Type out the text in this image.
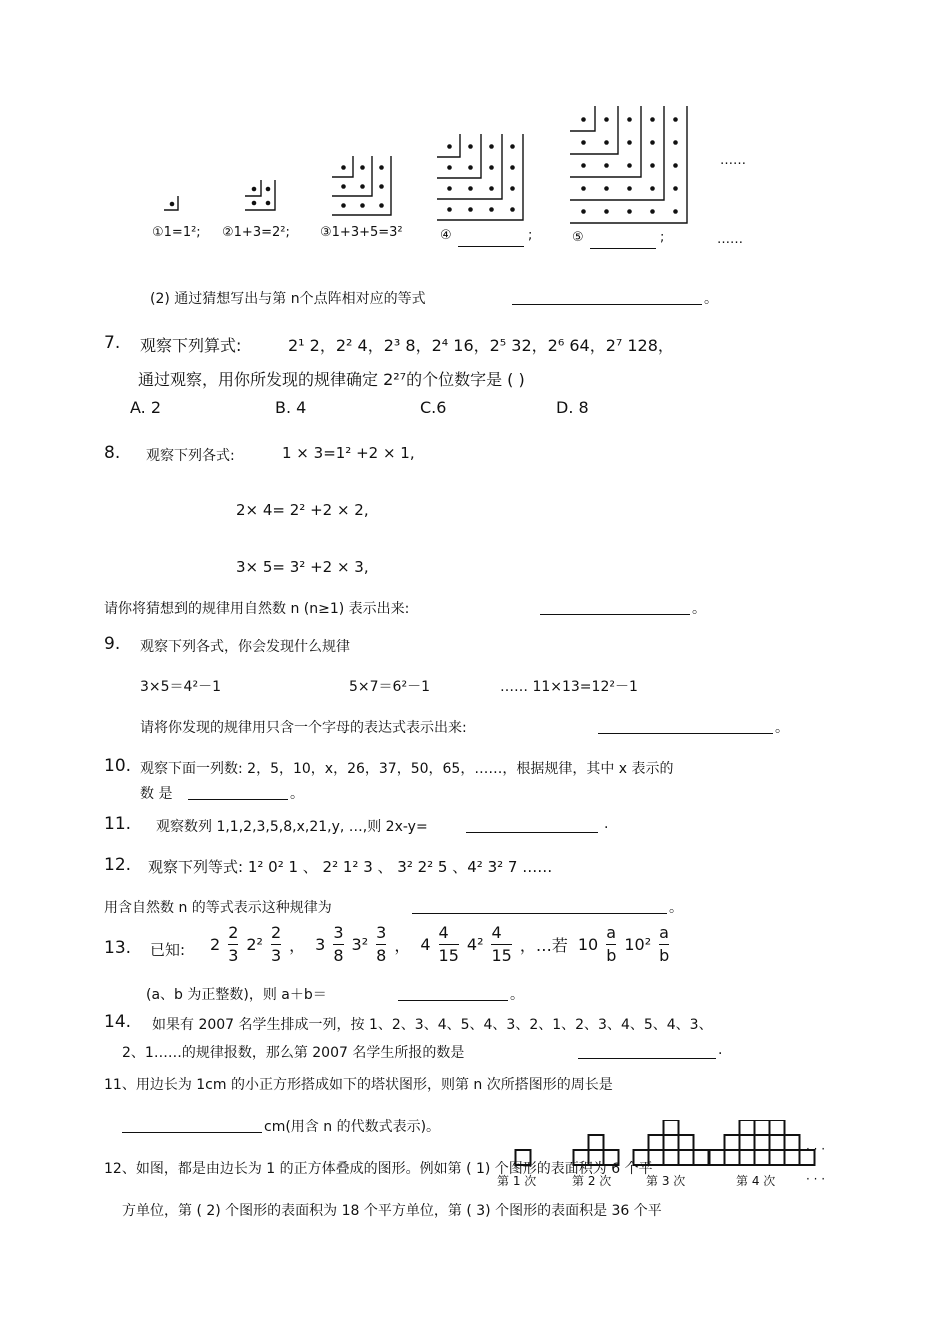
①1=1²; ②1+3=2²; ③1+3+5=3²	④	;	⑤	;	……
……
(2) 通过猜想写出与第 n个点阵相对应的等式	。
7. 观察下列算式:	2¹ 2，2² 4，2³ 8，2⁴ 16，2⁵ 32，2⁶ 64，2⁷ 128，
通过观察，用你所发现的规律确定 2²⁷的个位数字是 ( )
A. 2	B. 4	C.6	D. 8
8. 观察下列各式:	1 × 3=1² +2 × 1,
2× 4= 2² +2 × 2,
3× 5= 3² +2 × 3,
请你将猜想到的规律用自然数 n (n≥1) 表示出来:	。
9. 观察下列各式，你会发现什么规律
3×5＝4²－1	5×7＝6²－1	…… 11×13=12²－1
请将你发现的规律用只含一个字母的表达式表示出来:	。
10. 观察下面一列数: 2，5，10，x，26，37，50，65，……，根据规律，其中 x 表示的
数 是	。
11. 观察数列 1,1,2,3,5,8,x,21,y, …,则 2x-y=	.
12. 观察下列等式: 1² 0² 1 、 2² 1² 3 、 3² 2² 5 、4² 3² 7 ……
用含自然数 n 的等式表示这种规律为	。
13. 已知: $2 \frac{2}{3} 2^2 \frac{2}{3}$ ， $3 \frac{3}{8} 3^2 \frac{3}{8}$ ， $4 \frac{4}{15} 4^2 \frac{4}{15}$ ，…若 $10 \frac{a}{b} 10^2 \frac{a}{b}$
(a、b 为正整数)，则 a＋b＝	。
14. 如果有 2007 名学生排成一列，按 1、2、3、4、5、4、3、2、1、2、3、4、5、4、3、
2、1……的规律报数，那么第 2007 名学生所报的数是	.
11、用边长为 1cm 的小正方形搭成如下的塔状图形，则第 n 次所搭图形的周长是
cm(用含 n 的代数式表示)。
第 1 次	第 2 次	第 3 次	第 4 次
· · ·
· · ·
12、如图，都是由边长为 1 的正方体叠成的图形。例如第 ( 1) 个图形的表面积为 6 个平
方单位，第 ( 2) 个图形的表面积为 18 个平方单位，第 ( 3) 个图形的表面积是 36 个平
